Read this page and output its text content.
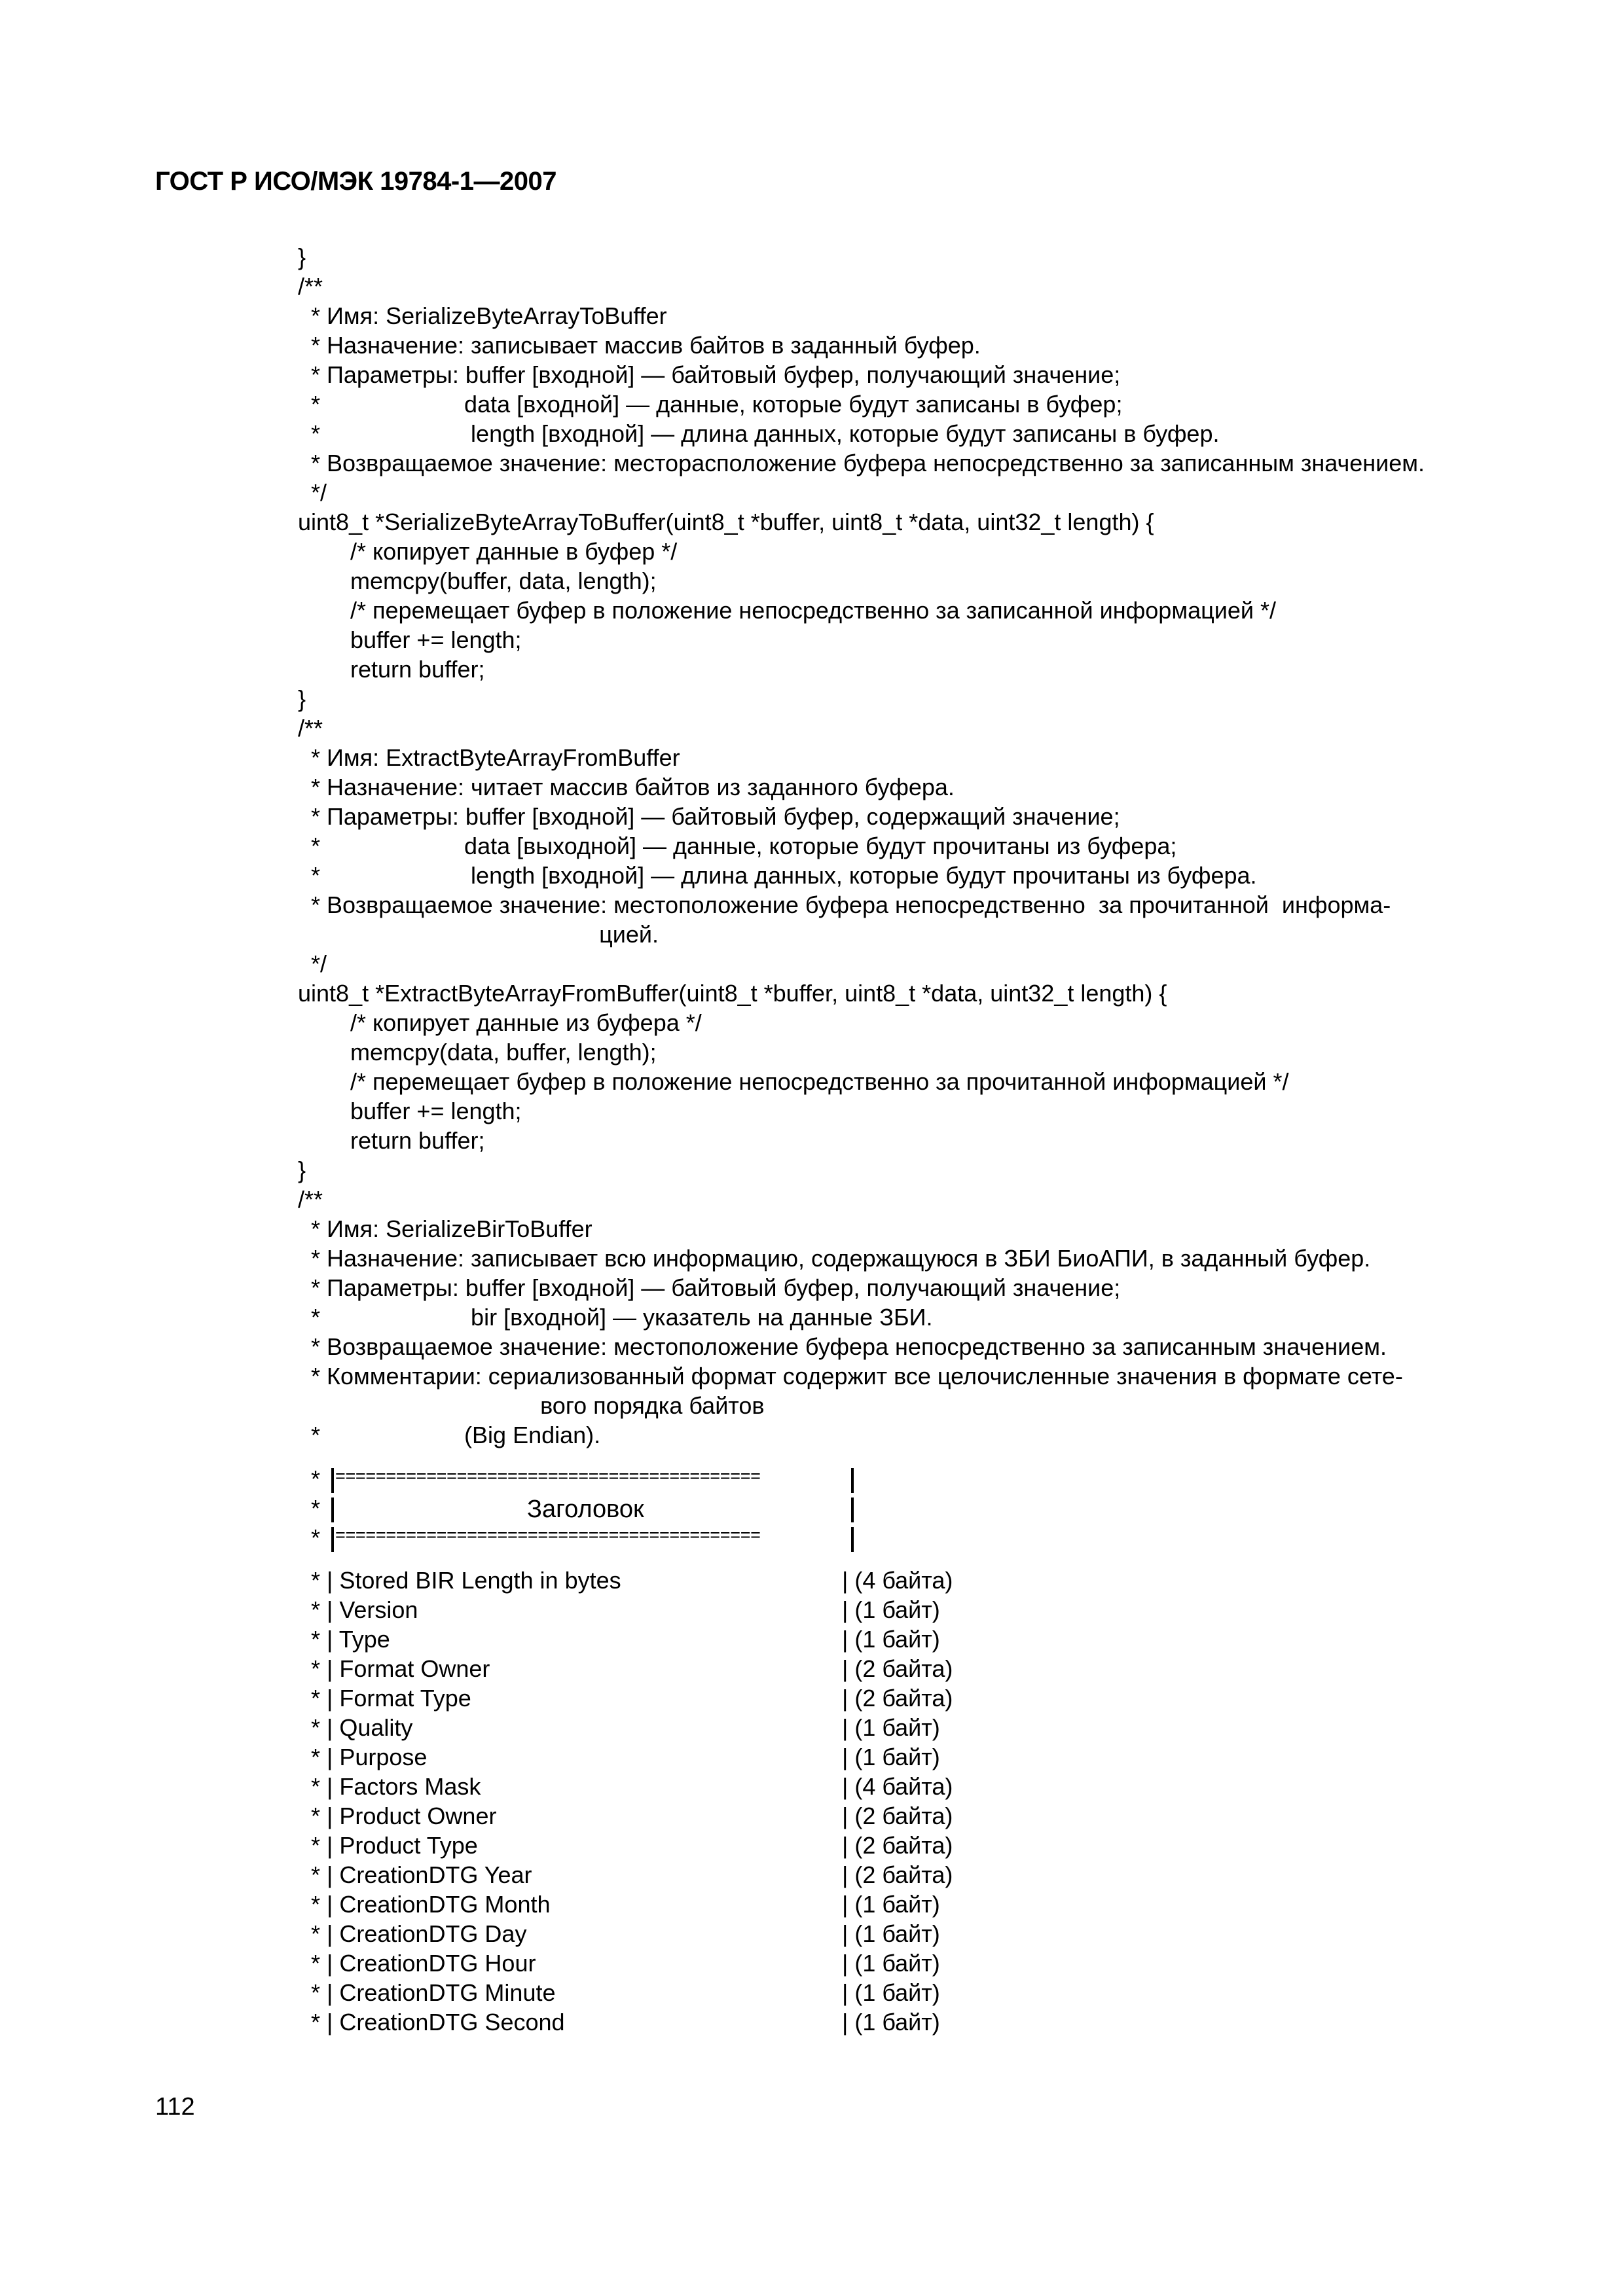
ГОСТ Р ИСО/МЭК 19784-1—2007
}
/**
* Имя: SerializeByteArrayToBuffer
* Назначение: записывает массив байтов в заданный буфер.
* Параметры: buffer [входной] — байтовый буфер, получающий значение;
*                      data [входной] — данные, которые будут записаны в буфер;
*                       length [входной] — длина данных, которые будут записаны в буфер.
* Возвращаемое значение: месторасположение буфера непосредственно за записанным значением.
*/
uint8_t *SerializeByteArrayToBuffer(uint8_t *buffer, uint8_t *data, uint32_t length) {
/* копирует данные в буфер */
memcpy(buffer, data, length);
/* перемещает буфер в положение непосредственно за записанной информацией */
buffer += length;
return buffer;
}
/**
* Имя: ExtractByteArrayFromBuffer
* Назначение: читает массив байтов из заданного буфера.
* Параметры: buffer [входной] — байтовый буфер, содержащий значение;
*                      data [выходной] — данные, которые будут прочитаны из буфера;
*                       length [входной] — длина данных, которые будут прочитаны из буфера.
* Возвращаемое значение: местоположение буфера непосредственно  за прочитанной  информа-
цией.
*/
uint8_t *ExtractByteArrayFromBuffer(uint8_t *buffer, uint8_t *data, uint32_t length) {
/* копирует данные из буфера */
memcpy(data, buffer, length);
/* перемещает буфер в положение непосредственно за прочитанной информацией */
buffer += length;
return buffer;
}
/**
* Имя: SerializeBirToBuffer
* Назначение: записывает всю информацию, содержащуюся в ЗБИ БиоАПИ, в заданный буфер.
* Параметры: buffer [входной] — байтовый буфер, получающий значение;
*                       bir [входной] — указатель на данные ЗБИ.
* Возвращаемое значение: местоположение буфера непосредственно за записанным значением.
* Комментарии: сериализованный формат содержит все целочисленные значения в формате сете-
вого порядка байтов
*                      (Big Endian).
* ==========================================
*	Заголовок
* ==========================================
* | Stored BIR Length in bytes	| (4 байта)
* | Version	| (1 байт)
* | Type	| (1 байт)
* | Format Owner	| (2 байта)
* | Format Type	| (2 байта)
* | Quality	| (1 байт)
* | Purpose	| (1 байт)
* | Factors Mask	| (4 байта)
* | Product Owner	| (2 байта)
* | Product Type	| (2 байта)
* | CreationDTG Year	| (2 байта)
* | CreationDTG Month	| (1 байт)
* | CreationDTG Day	| (1 байт)
* | CreationDTG Hour	| (1 байт)
* | CreationDTG Minute	| (1 байт)
* | CreationDTG Second	| (1 байт)
112
